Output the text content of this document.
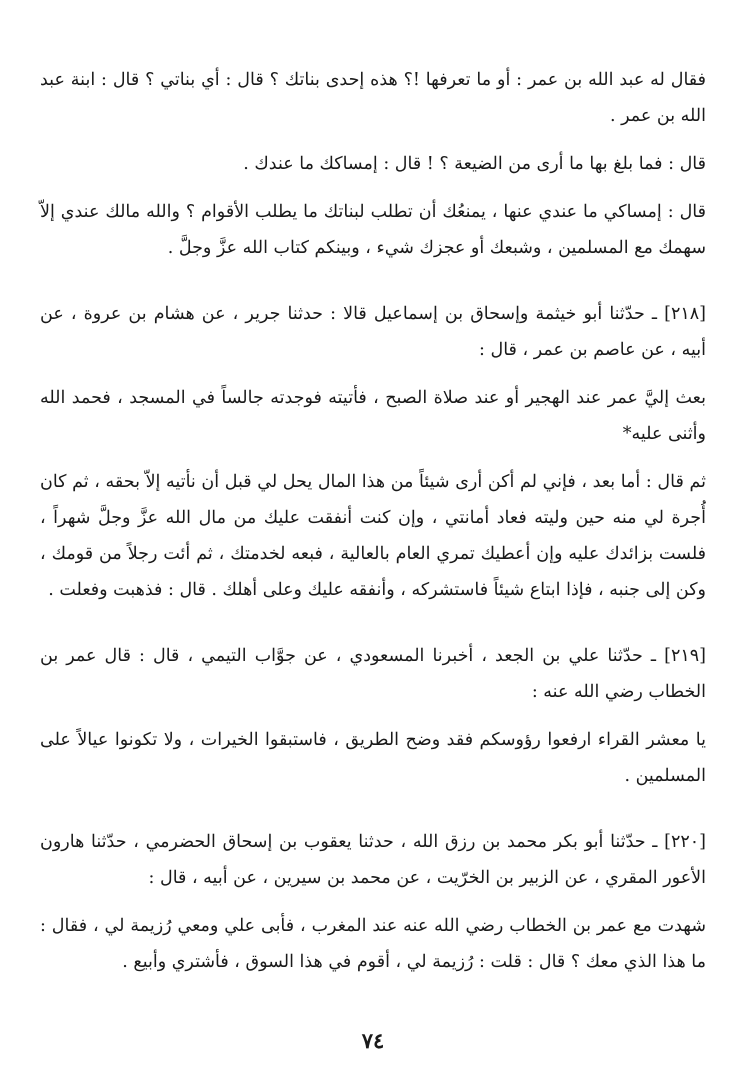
فقال له عبد الله بن عمر : أو ما تعرفها !؟ هذه إحدى بناتك ؟ قال : أي بناتي ؟ قال : ابنة عبد الله بن عمر .

قال : فما بلغ بها ما أرى من الضيعة ؟ ! قال : إمساكك ما عندك .

قال : إمساكي ما عندي عنها ، يمنعُك أن تطلب لبناتك ما يطلب الأقوام ؟ والله مالك عندي إلاّ سهمك مع المسلمين ، وشبعك أو عجزك شيء ، وبينكم كتاب الله عزَّ وجلَّ .

[٢١٨] ـ حدّثنا أبو خيثمة وإسحاق بن إسماعيل قالا : حدثنا جرير ، عن هشام بن عروة ، عن أبيه ، عن عاصم بن عمر ، قال :

بعث إليَّ عمر عند الهجير أو عند صلاة الصبح ، فأتيته فوجدته جالساً في المسجد ، فحمد الله وأثنى عليه*

ثم قال : أما بعد ، فإني لم أكن أرى شيئاً من هذا المال يحل لي قبل أن نأتيه إلاّ بحقه ، ثم كان أُجرة لي منه حين وليته فعاد أمانتي ، وإن كنت أنفقت عليك من مال الله عزَّ وجلَّ شهراً ، فلست بزائدك عليه وإن أعطيك تمري العام بالعالية ، فبعه لخدمتك ، ثم أئت رجلاً من قومك ، وكن إلى جنبه ، فإذا ابتاع شيئاً فاستشركه ، وأنفقه عليك وعلى أهلك . قال : فذهبت وفعلت .

[٢١٩] ـ حدّثنا علي بن الجعد ، أخبرنا المسعودي ، عن جوَّاب التيمي ، قال : قال عمر بن الخطاب رضي الله عنه :

يا معشر القراء ارفعوا رؤوسكم فقد وضح الطريق ، فاستبقوا الخيرات ، ولا تكونوا عيالاً على المسلمين .

[٢٢٠] ـ حدّثنا أبو بكر محمد بن رزق الله ، حدثنا يعقوب بن إسحاق الحضرمي ، حدّثنا هارون الأعور المقري ، عن الزبير بن الخرّيت ، عن محمد بن سيرين ، عن أبيه ، قال :

شهدت مع عمر بن الخطاب رضي الله عنه عند المغرب ، فأبى علي ومعي رُزيمة لي ، فقال : ما هذا الذي معك ؟ قال : قلت : رُزيمة لي ، أقوم في هذا السوق ، فأشتري وأبيع .

٧٤
